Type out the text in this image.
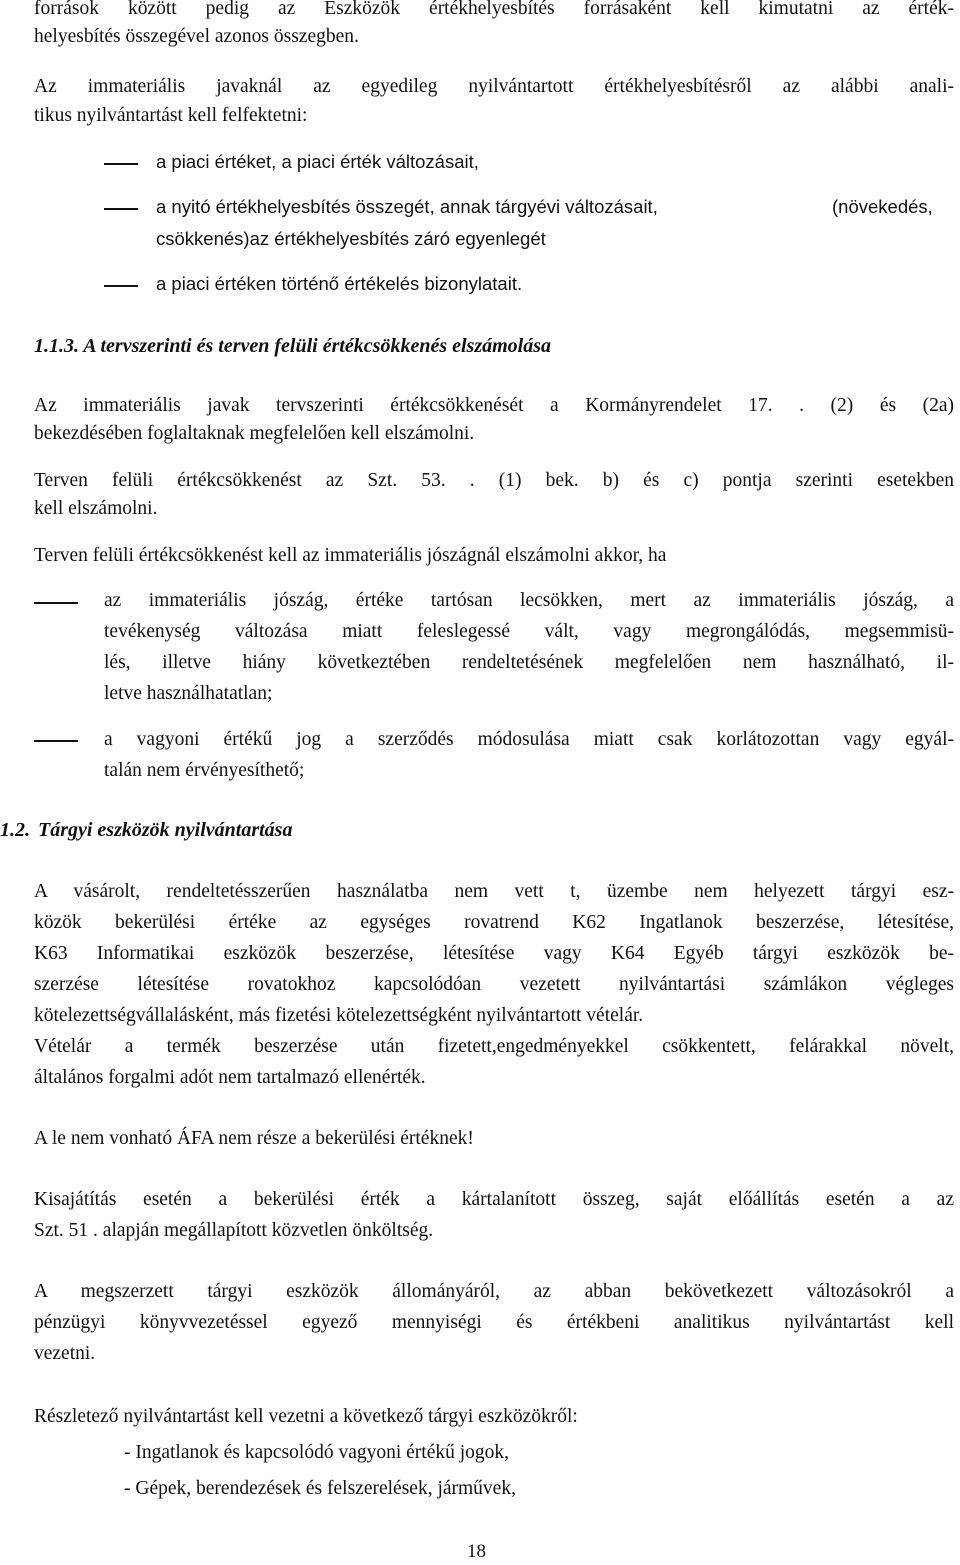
források között pedig az Eszközök értékhelyesbítés forrásaként kell kimutatni az érték-
helyesbítés összegével azonos összegben.
Az immateriális javaknál az egyedileg nyilvántartott értékhelyesbítésről az alábbi anali-
tikus nyilvántartást kell felfektetni:
a piaci értéket, a piaci érték változásait,
a nyitó értékhelyesbítés összegét, annak tárgyévi változásait,	(növekedés,
csökkenés)az értékhelyesbítés záró egyenlegét
a piaci értéken történő értékelés bizonylatait.
1.1.3. A tervszerinti és terven felüli értékcsökkenés elszámolása
Az immateriális javak tervszerinti értékcsökkenését a Kormányrendelet 17. . (2) és (2a)
bekezdésében foglaltaknak megfelelően kell elszámolni.
Terven felüli értékcsökkenést az Szt. 53. . (1) bek. b) és c) pontja szerinti esetekben
kell elszámolni.
Terven felüli értékcsökkenést kell az immateriális jószágnál elszámolni akkor, ha
az immateriális jószág, értéke tartósan lecsökken, mert az immateriális jószág, a
tevékenység változása miatt feleslegessé vált, vagy megrongálódás, megsemmisü-
lés, illetve hiány következtében rendeltetésének megfelelően nem használható, il-
letve használhatatlan;
a vagyoni értékű jog a szerződés módosulása miatt csak korlátozottan vagy egyál-
talán nem érvényesíthető;
1.2. Tárgyi eszközök nyilvántartása
A vásárolt, rendeltetésszerűen használatba nem vett t, üzembe nem helyezett tárgyi esz-
közök bekerülési értéke az egységes rovatrend K62 Ingatlanok beszerzése, létesítése,
K63 Informatikai eszközök beszerzése, létesítése vagy K64 Egyéb tárgyi eszközök be-
szerzése létesítése rovatokhoz kapcsolódóan vezetett nyilvántartási számlákon végleges
kötelezettségvállalásként, más fizetési kötelezettségként nyilvántartott vételár.
Vételár a termék beszerzése után fizetett,engedményekkel csökkentett, felárakkal növelt,
általános forgalmi adót nem tartalmazó ellenérték.
A le nem vonható ÁFA nem része a bekerülési értéknek!
Kisajátítás esetén a bekerülési érték a kártalanított összeg, saját előállítás esetén a az
Szt. 51 . alapján megállapított közvetlen önköltség.
A megszerzett tárgyi eszközök állományáról, az abban bekövetkezett változásokról a
pénzügyi könyvvezetéssel egyező mennyiségi és értékbeni analitikus nyilvántartást kell
vezetni.
Részletező nyilvántartást kell vezetni a következő tárgyi eszközökről:
- Ingatlanok és kapcsolódó vagyoni értékű jogok,
- Gépek, berendezések és felszerelések, járművek,
18
